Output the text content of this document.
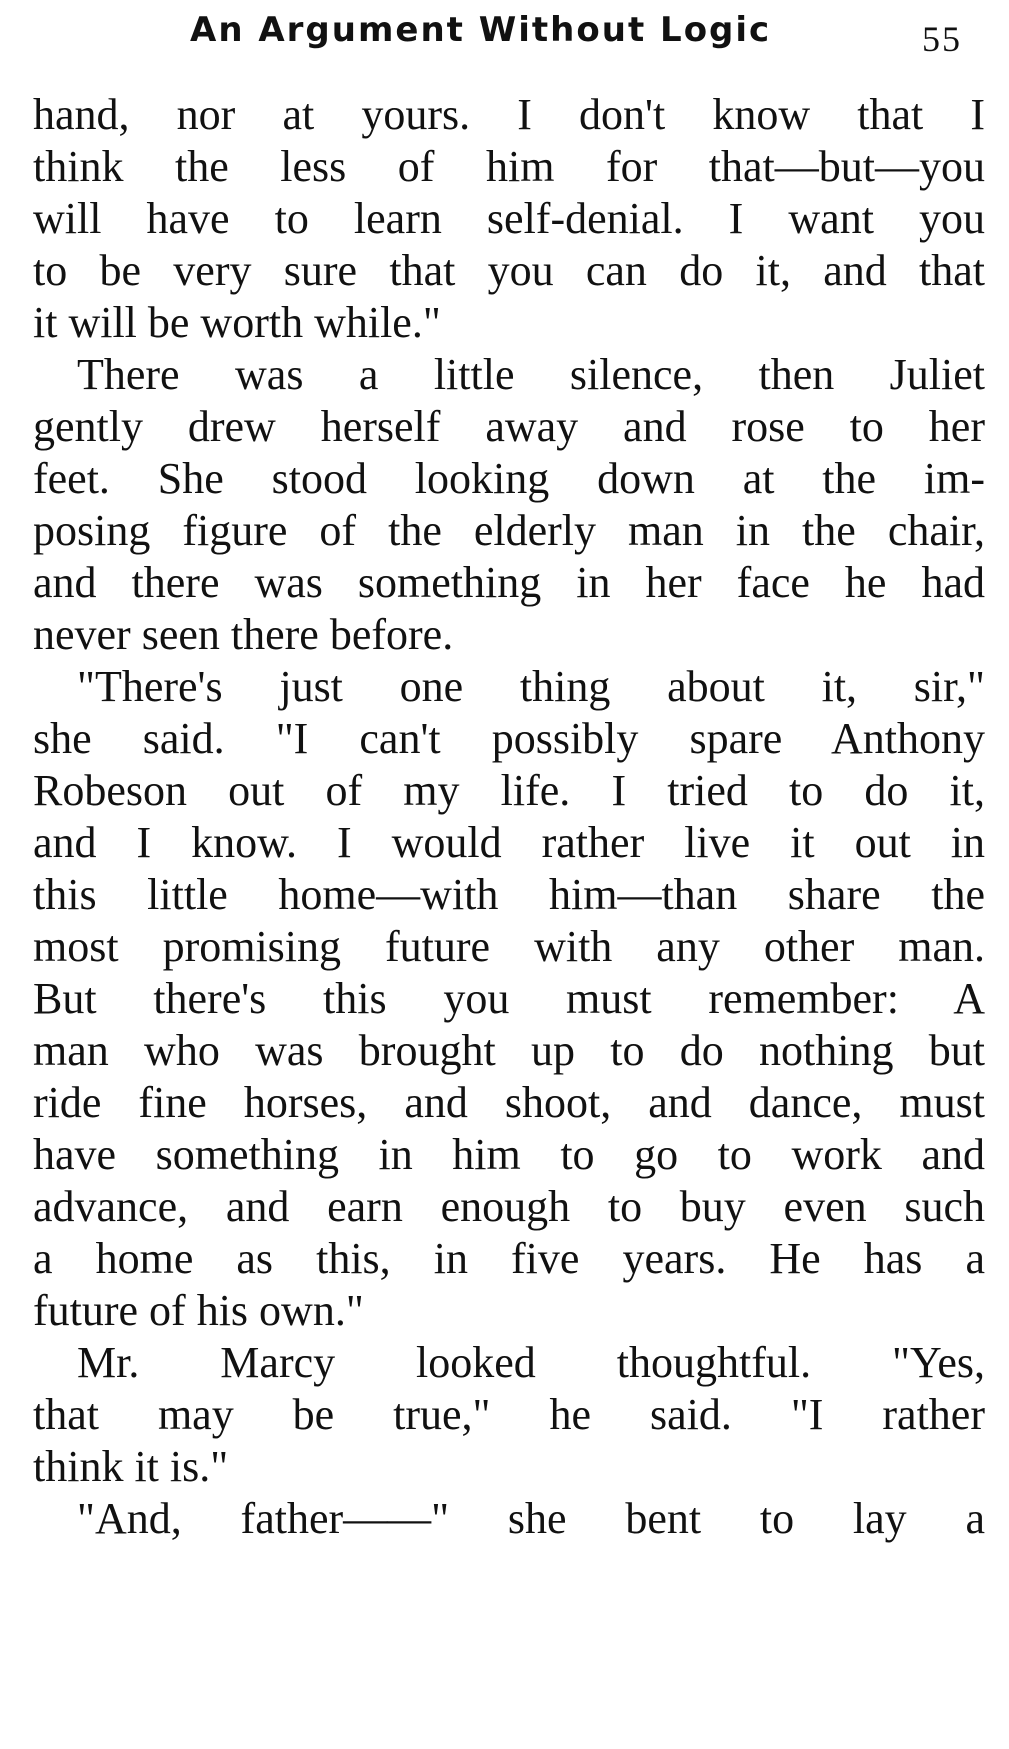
An Argument Without Logic	55
hand, nor at yours. I don't know that I
think the less of him for that—but—you
will have to learn self-denial. I want you
to be very sure that you can do it, and that
it will be worth while."
There was a little silence, then Juliet
gently drew herself away and rose to her
feet. She stood looking down at the im-
posing figure of the elderly man in the chair,
and there was something in her face he had
never seen there before.
"There's just one thing about it, sir,"
she said. "I can't possibly spare Anthony
Robeson out of my life. I tried to do it,
and I know. I would rather live it out in
this little home—with him—than share the
most promising future with any other man.
But there's this you must remember: A
man who was brought up to do nothing but
ride fine horses, and shoot, and dance, must
have something in him to go to work and
advance, and earn enough to buy even such
a home as this, in five years. He has a
future of his own."
Mr. Marcy looked thoughtful. "Yes,
that may be true," he said. "I rather
think it is."
"And, father——" she bent to lay a
